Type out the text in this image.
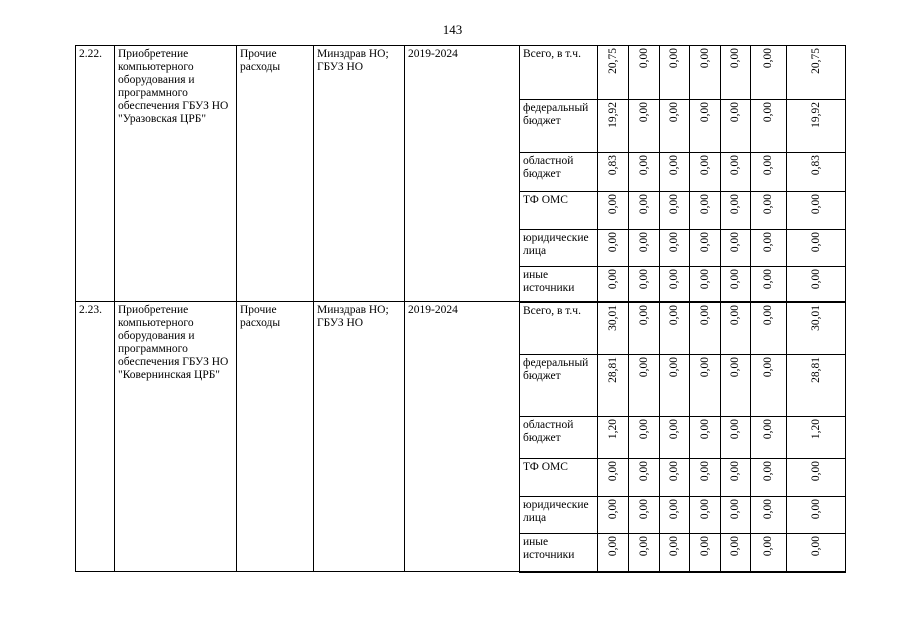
143
2.22.	Приобретение компьютерного оборудования и программного обеспечения ГБУЗ НО "Уразовская ЦРБ"	Прочие расходы	Минздрав НО; ГБУЗ НО	2019-2024	Всего, в т.ч.	20,75	0,00	0,00	0,00	0,00	0,00	20,75

					федеральный бюджет	19,92	0,00	0,00	0,00	0,00	0,00	19,92

					областной бюджет	0,83	0,00	0,00	0,00	0,00	0,00	0,83

					ТФ ОМС	0,00	0,00	0,00	0,00	0,00	0,00	0,00

					юридические лица	0,00	0,00	0,00	0,00	0,00	0,00	0,00

					иные источники	0,00	0,00	0,00	0,00	0,00	0,00	0,00

2.23.	Приобретение компьютерного оборудования и программного обеспечения ГБУЗ НО "Ковернинская ЦРБ"	Прочие расходы	Минздрав НО; ГБУЗ НО	2019-2024	Всего, в т.ч.	30,01	0,00	0,00	0,00	0,00	0,00	30,01

					федеральный бюджет	28,81	0,00	0,00	0,00	0,00	0,00	28,81

					областной бюджет	1,20	0,00	0,00	0,00	0,00	0,00	1,20

					ТФ ОМС	0,00	0,00	0,00	0,00	0,00	0,00	0,00

					юридические лица	0,00	0,00	0,00	0,00	0,00	0,00	0,00

					иные источники	0,00	0,00	0,00	0,00	0,00	0,00	0,00
